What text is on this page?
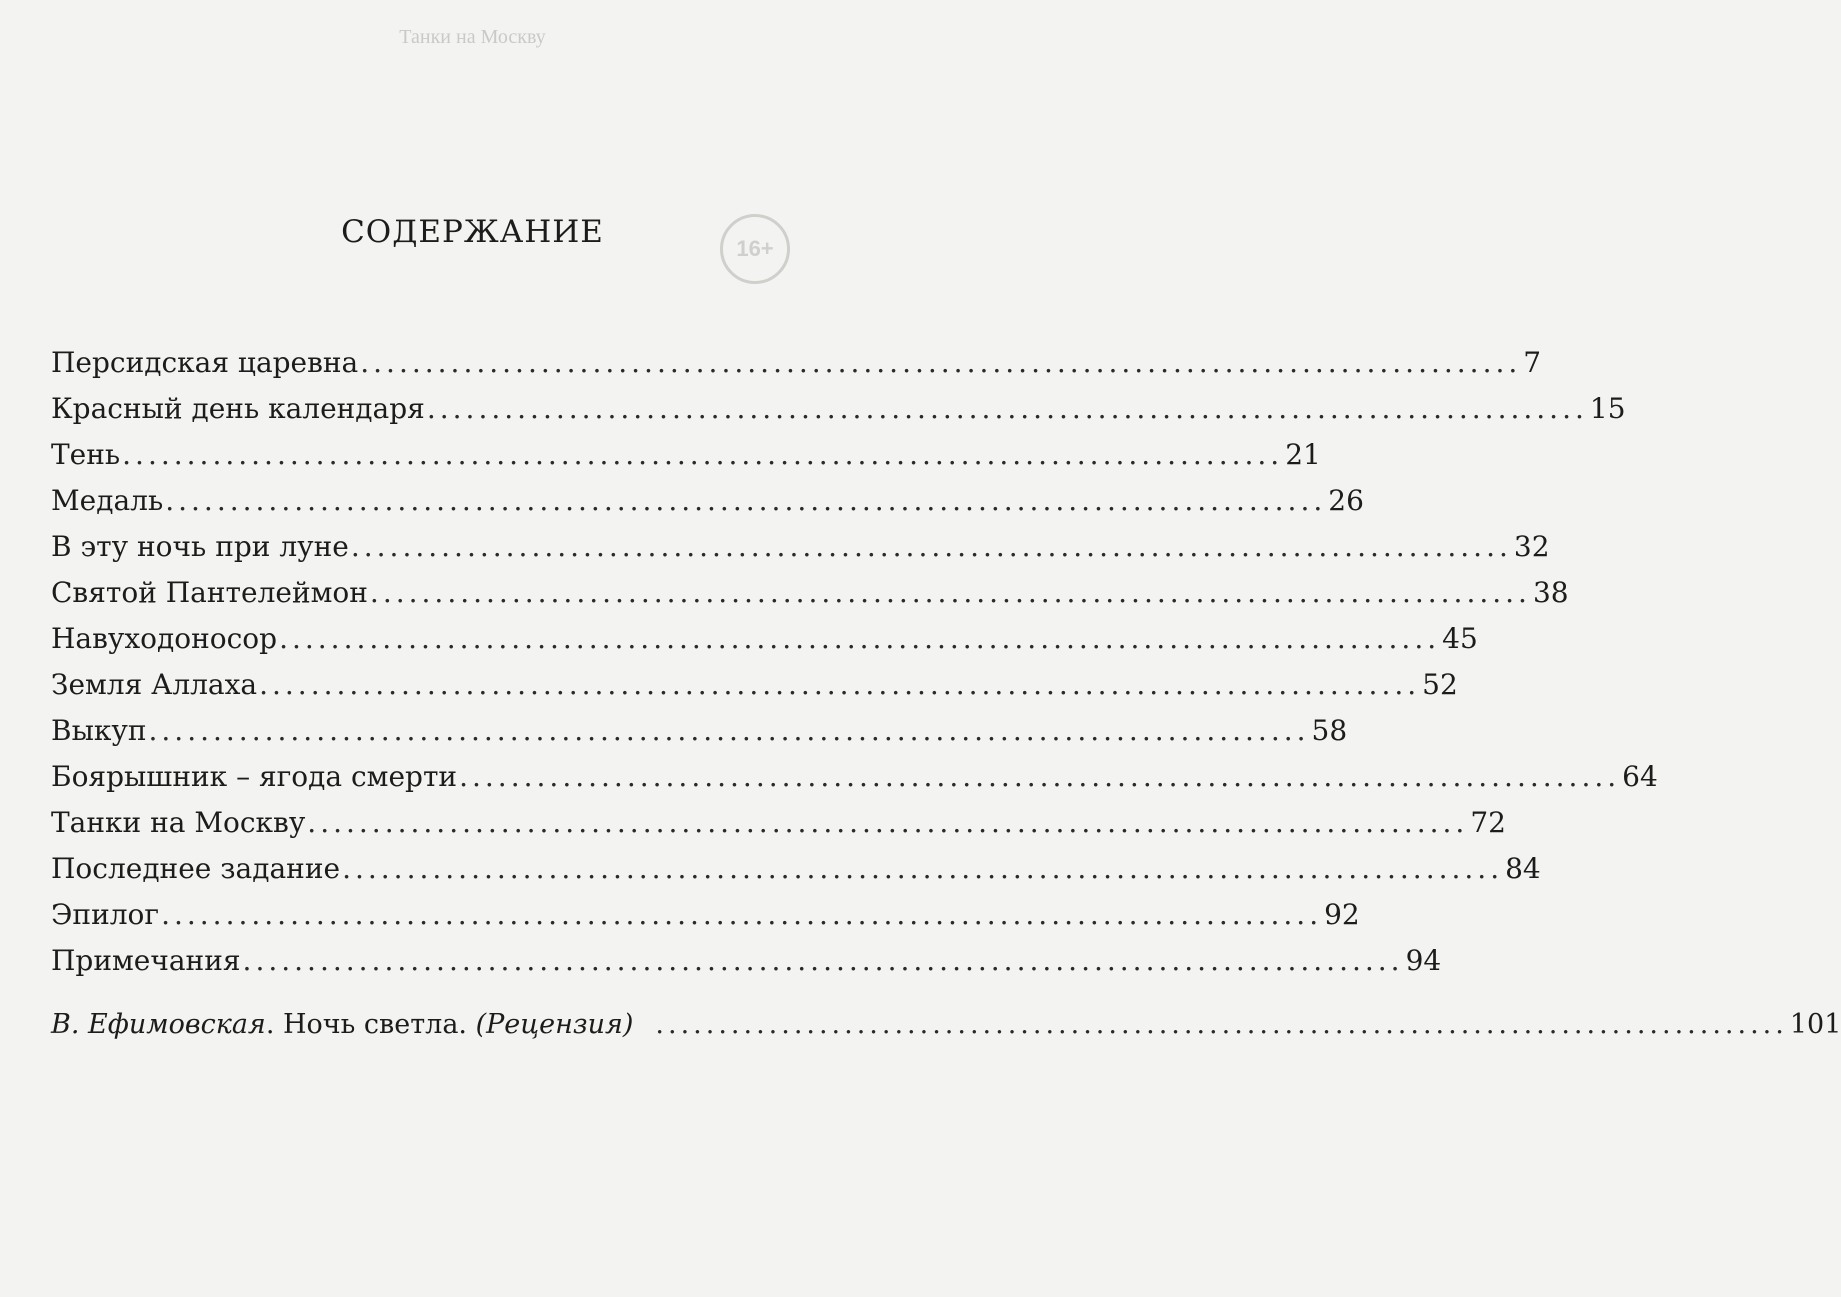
Танки на Москву
16+
СОДЕРЖАНИЕ
Персидская царевна .......................................................................................... 7
Красный день календаря .......................................................................................... 15
Тень .......................................................................................... 21
Медаль .......................................................................................... 26
В эту ночь при луне .......................................................................................... 32
Святой Пантелеймон .......................................................................................... 38
Навуходоносор .......................................................................................... 45
Земля Аллаха .......................................................................................... 52
Выкуп .......................................................................................... 58
Боярышник – ягода смерти .......................................................................................... 64
Танки на Москву .......................................................................................... 72
Последнее задание .......................................................................................... 84
Эпилог .......................................................................................... 92
Примечания .......................................................................................... 94
В. Ефимовская. Ночь светла. (Рецензия) .......................................................................................... 101
